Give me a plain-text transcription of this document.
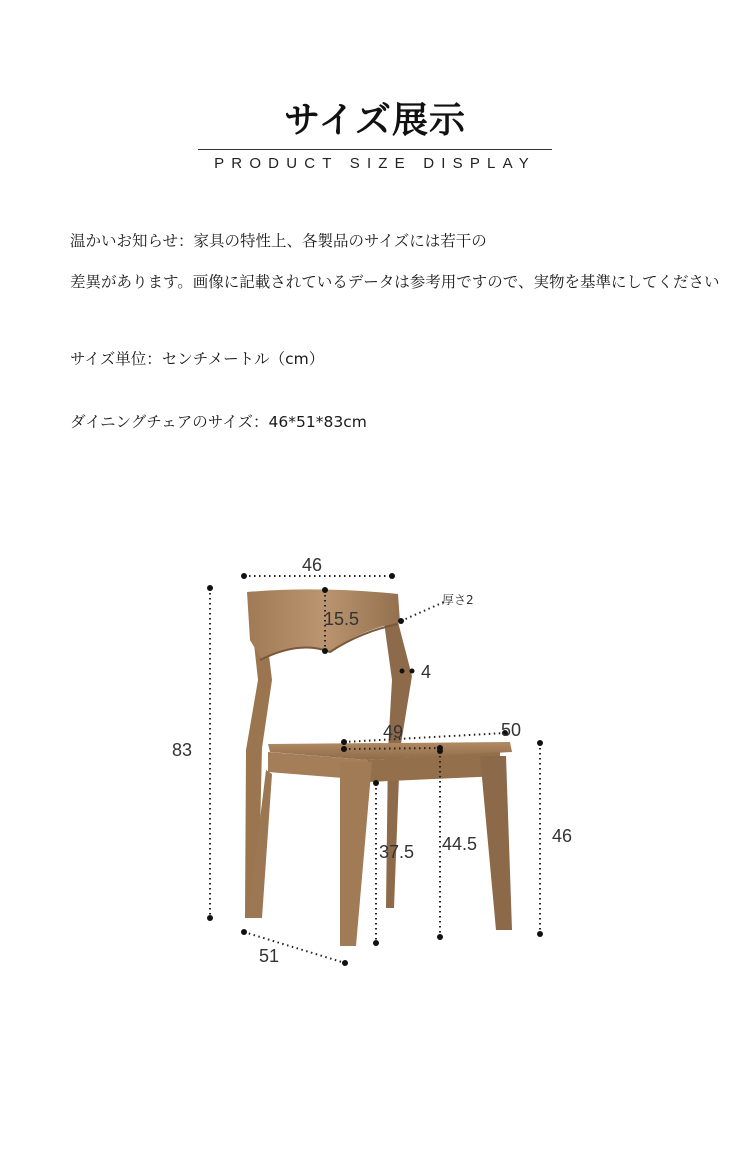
サイズ展示
PRODUCT SIZE DISPLAY
温かいお知らせ：家具の特性上、各製品のサイズには若干の
差異があります。画像に記載されているデータは参考用ですので、実物を基準にしてください
サイズ単位：センチメートル（cm）
ダイニングチェアのサイズ：46*51*83cm
46
15.5
厚さ2
4
49	50
83
37.5 44.5	46
51
